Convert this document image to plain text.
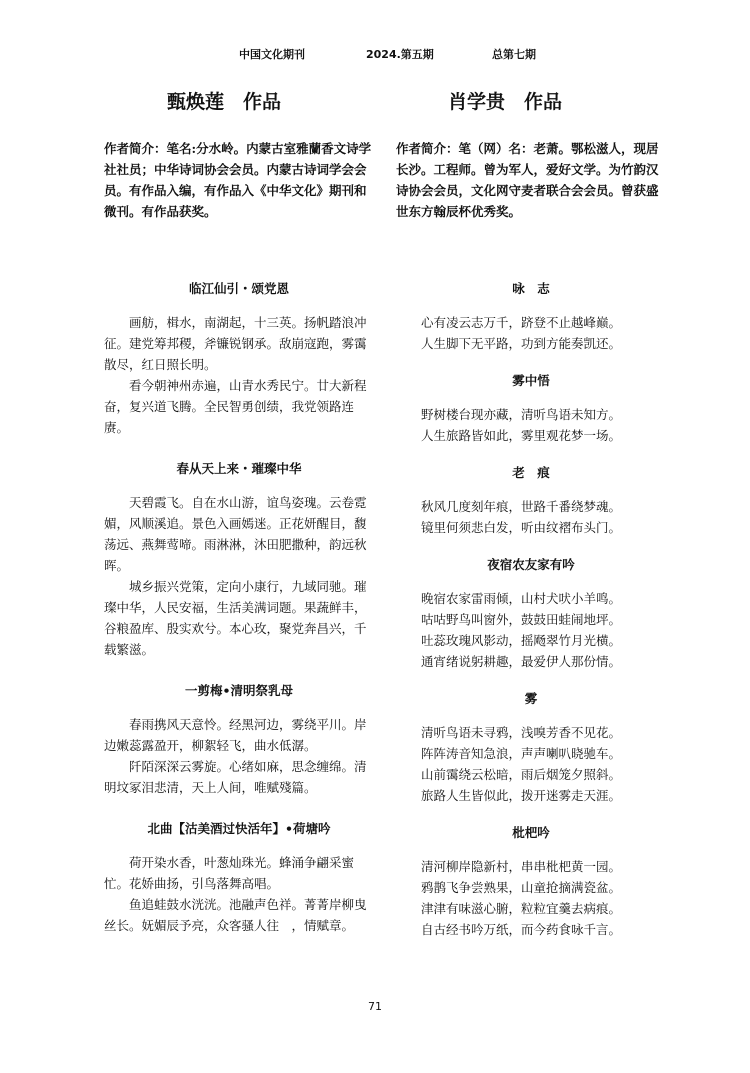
中国文化期刊	2024.第五期	总第七期
甄焕莲　作品

作者简介：笔名:分水岭。内蒙古室雅蘭香文诗学社社员；中华诗词协会会员。内蒙古诗词学会会员。有作品入编，有作品入《中华文化》期刊和微刊。有作品获奖。

临江仙引・颂党恩

画舫，楫水，南湖起，十三英。扬帆踏浪冲征。建党筹邦稷，斧镰锐钢承。敌崩寇跑，雾霭散尽，红日照长明。

看今朝神州赤遍，山青水秀民宁。廿大新程奋，复兴道飞腾。全民智勇创绩，我党领路连赓。

春从天上来・璀璨中华

天碧霞飞。自在水山游，谊鸟姿瑰。云卷霓媚，风顺溪追。景色入画嫣迷。正花妍醒目，馥荡远、燕舞莺啼。雨淋淋，沐田肥撒种，韵远秋晖。

城乡振兴党策，定向小康行，九域同驰。璀璨中华，人民安福，生活美满词题。果蔬鲜丰，谷粮盈库、殷实欢兮。本心玫，聚党奔昌兴，千载繁滋。

一剪梅•清明祭乳母

春雨携风天意怜。经黑河边，雾绕平川。岸边嫩蕊露盈开，柳絮轻飞，曲水低潺。

阡陌深深云雾旋。心绪如麻，思念缠绵。清明坟冢泪悲清，天上人间，唯赋殘篇。

北曲【沽美酒过快活年】•荷塘吟

荷开染水香，叶葱灿珠光。蜂涌争翩采蜜忙。花娇曲扬，引鸟落舞高唱。

鱼追蛙鼓水洸洸。池融声色祥。菁菁岸柳曳丝长。妩媚辰予亮，众客骚人往　，情赋章。

肖学贵　作品

作者简介：笔（网）名：老萧。鄂松滋人，现居长沙。工程师。曾为军人，爱好文学。为竹韵汉诗协会会员，文化网守麦者联合会会员。曾获盛世东方翰辰杯优秀奖。

咏　志

心有凌云志万千，跻登不止越峰巅。

人生脚下无平路，功到方能奏凯还。

雾中悟

野树楼台现亦藏，清听鸟语未知方。

人生旅路皆如此，雾里观花梦一场。

老　痕

秋风几度刻年痕，世路千番绕梦魂。

镜里何须悲白发，听由纹褶布头门。

夜宿农友家有吟

晚宿农家雷雨倾，山村犬吠小羊鸣。

咕咕野鸟叫窗外，鼓鼓田蛙闹地坪。

吐蕊玫瑰风影动，摇飏翠竹月光横。

通宵绪说躬耕趣，最爱伊人那份情。

雾

清听鸟语未寻鸦，浅嗅芳香不见花。

阵阵涛音知急浪，声声喇叭晓驰车。

山前霭绕云松暗，雨后烟笼夕照斜。

旅路人生皆似此，拨开迷雾走天涯。

枇杷吟

清河柳岸隐新村，串串枇杷黄一园。

鸦鹊飞争尝熟果，山童抢摘满瓷盆。

津津有味滋心腑，粒粒宜羹去病痕。

自古经书吟万纸，而今药食咏千言。

71
